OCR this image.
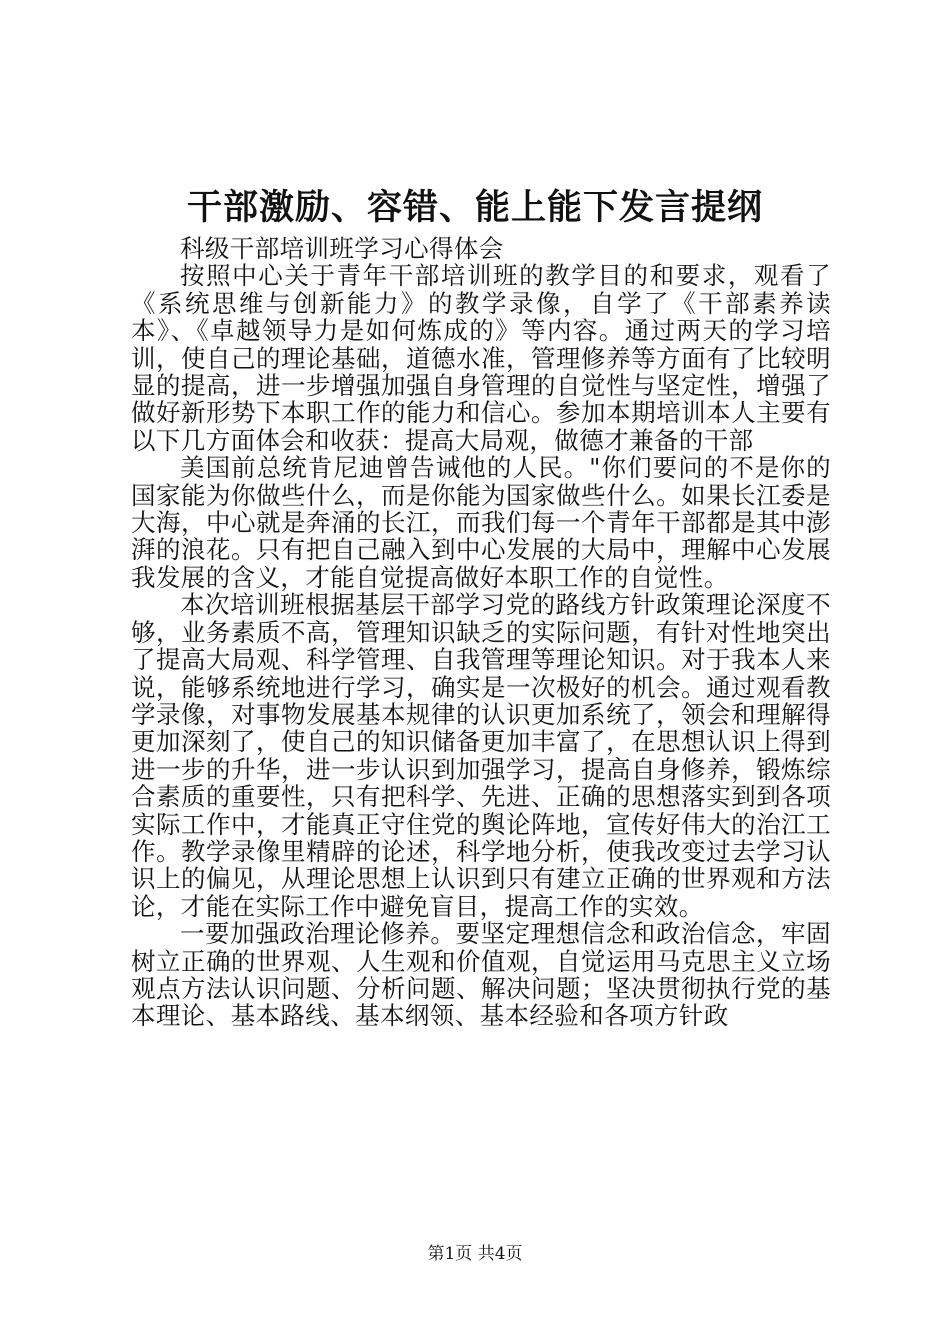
干部激励、容错、能上能下发言提纲

科级干部培训班学习心得体会

按照中心关于青年干部培训班的教学目的和要求，观看了《系统思维与创新能力》的教学录像，自学了《干部素养读本》、《卓越领导力是如何炼成的》等内容。通过两天的学习培训，使自己的理论基础，道德水准，管理修养等方面有了比较明显的提高，进一步增强加强自身管理的自觉性与坚定性，增强了做好新形势下本职工作的能力和信心。参加本期培训本人主要有以下几方面体会和收获：提高大局观，做德才兼备的干部

美国前总统肯尼迪曾告诫他的人民。"你们要问的不是你的国家能为你做些什么，而是你能为国家做些什么。如果长江委是大海，中心就是奔涌的长江，而我们每一个青年干部都是其中澎湃的浪花。只有把自己融入到中心发展的大局中，理解中心发展我发展的含义，才能自觉提高做好本职工作的自觉性。

本次培训班根据基层干部学习党的路线方针政策理论深度不够，业务素质不高，管理知识缺乏的实际问题，有针对性地突出了提高大局观、科学管理、自我管理等理论知识。对于我本人来说，能够系统地进行学习，确实是一次极好的机会。通过观看教学录像，对事物发展基本规律的认识更加系统了，领会和理解得更加深刻了，使自己的知识储备更加丰富了，在思想认识上得到进一步的升华，进一步认识到加强学习，提高自身修养，锻炼综合素质的重要性，只有把科学、先进、正确的思想落实到到各项实际工作中，才能真正守住党的舆论阵地，宣传好伟大的治江工作。教学录像里精辟的论述，科学地分析，使我改变过去学习认识上的偏见，从理论思想上认识到只有建立正确的世界观和方法论，才能在实际工作中避免盲目，提高工作的实效。

一要加强政治理论修养。要坚定理想信念和政治信念，牢固树立正确的世界观、人生观和价值观，自觉运用马克思主义立场观点方法认识问题、分析问题、解决问题；坚决贯彻执行党的基本理论、基本路线、基本纲领、基本经验和各项方针政

第1页 共4页
